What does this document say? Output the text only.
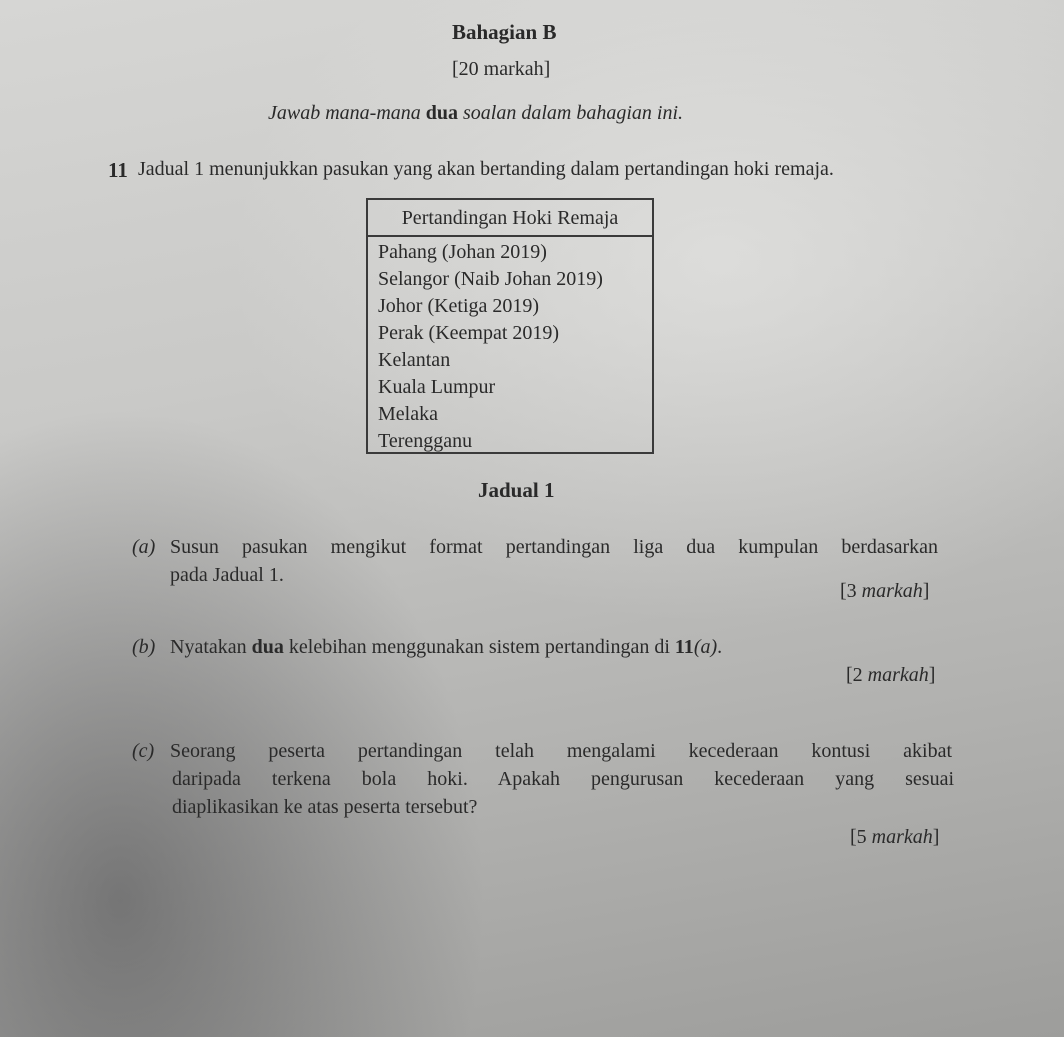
Bahagian B
[20 markah]
Jawab mana-mana dua soalan dalam bahagian ini.
11 Jadual 1 menunjukkan pasukan yang akan bertanding dalam pertandingan hoki remaja.
Pertandingan Hoki Remaja
Pahang (Johan 2019)
Selangor (Naib Johan 2019)
Johor (Ketiga 2019)
Perak (Keempat 2019)
Kelantan
Kuala Lumpur
Melaka
Terengganu
Jadual 1
(a) Susun pasukan mengikut format pertandingan liga dua kumpulan berdasarkan
pada Jadual 1.
[3 markah]
(b) Nyatakan dua kelebihan menggunakan sistem pertandingan di 11(a).
[2 markah]
(c) Seorang peserta pertandingan telah mengalami kecederaan kontusi akibat
daripada terkena bola hoki. Apakah pengurusan kecederaan yang sesuai
diaplikasikan ke atas peserta tersebut?
[5 markah]
